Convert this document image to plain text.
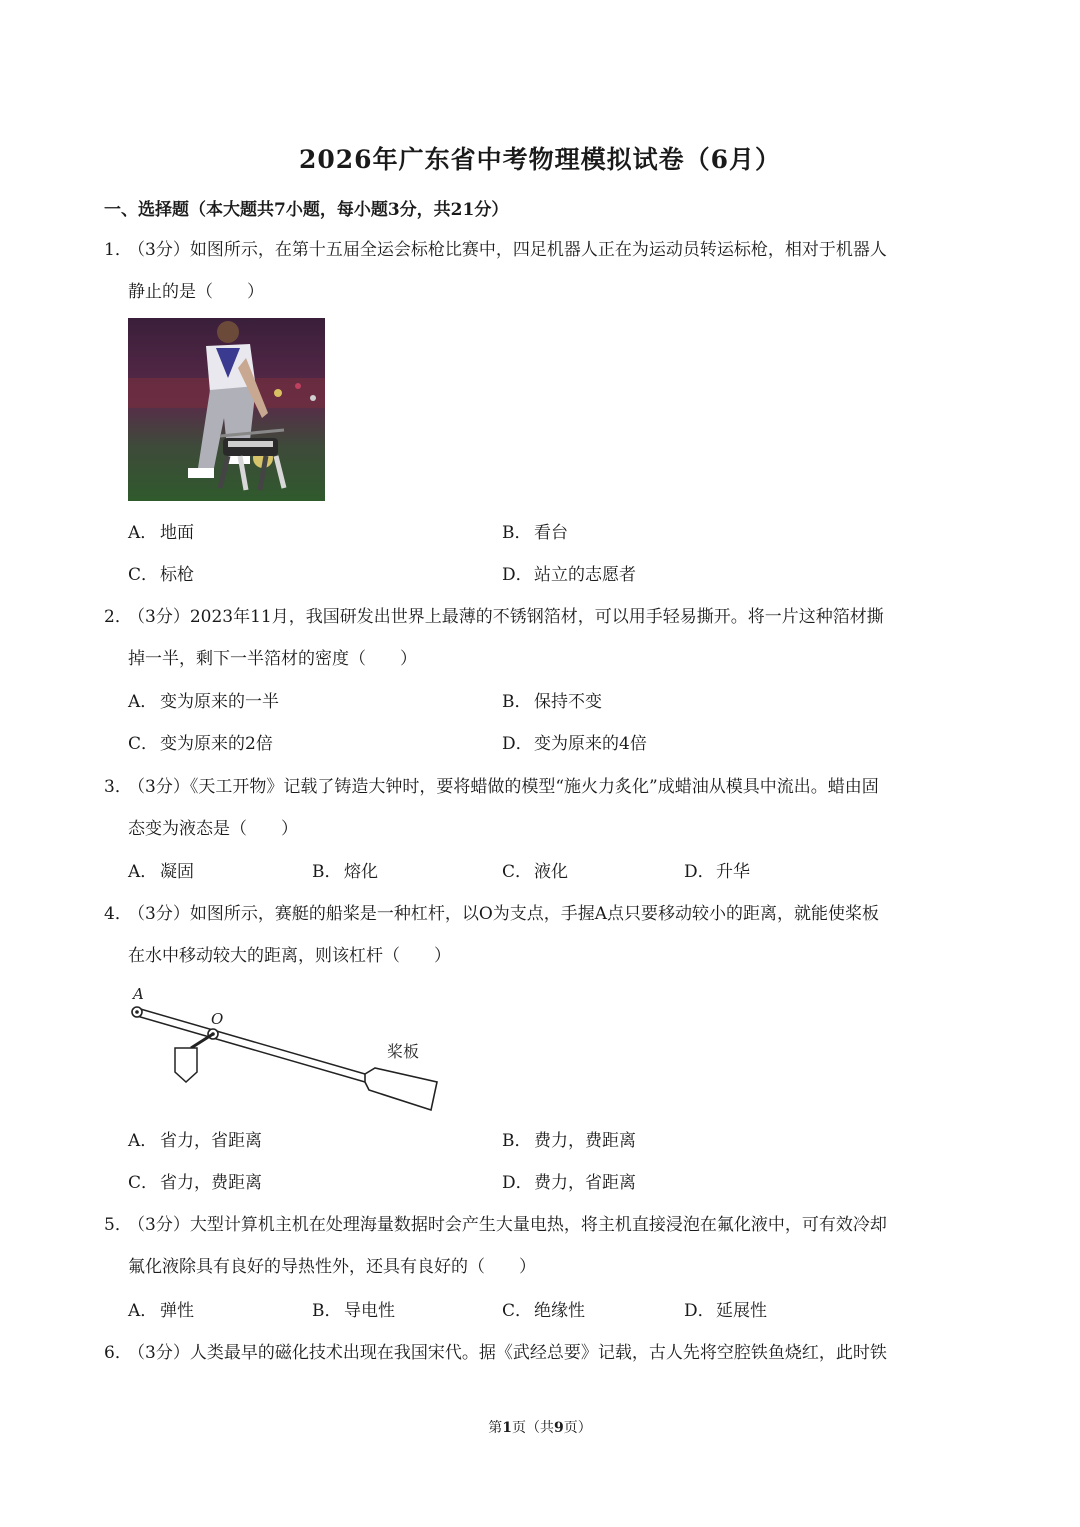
2026年广东省中考物理模拟试卷（6月）
一、选择题（本大题共7小题，每小题3分，共21分）
1．（3分）如图所示，在第十五届全运会标枪比赛中，四足机器人正在为运动员转运标枪，相对于机器人
静止的是（　　）
A． 地面	B． 看台
C． 标枪	D．站立的志愿者
2．（3分）2023年11月，我国研发出世界上最薄的不锈钢箔材，可以用手轻易撕开。将一片这种箔材撕
掉一半，剩下一半箔材的密度（　　）
A． 变为原来的一半	B． 保持不变
C． 变为原来的2倍	D．变为原来的4倍
3．（3分）《天工开物》记载了铸造大钟时，要将蜡做的模型“施火力炙化”成蜡油从模具中流出。蜡由固
态变为液态是（　　）
A． 凝固	B． 熔化	C． 液化	D．升华
4．（3分）如图所示，赛艇的船桨是一种杠杆，以O为支点，手握A点只要移动较小的距离，就能使桨板
在水中移动较大的距离，则该杠杆（　　）
A
O
桨板
A． 省力，省距离	B． 费力，费距离
C． 省力，费距离	D．费力，省距离
5．（3分）大型计算机主机在处理海量数据时会产生大量电热，将主机直接浸泡在氟化液中，可有效冷却
氟化液除具有良好的导热性外，还具有良好的（　　）
A． 弹性	B． 导电性	C． 绝缘性	D．延展性
6．（3分）人类最早的磁化技术出现在我国宋代。据《武经总要》记载，古人先将空腔铁鱼烧红，此时铁
第1页（共9页）
